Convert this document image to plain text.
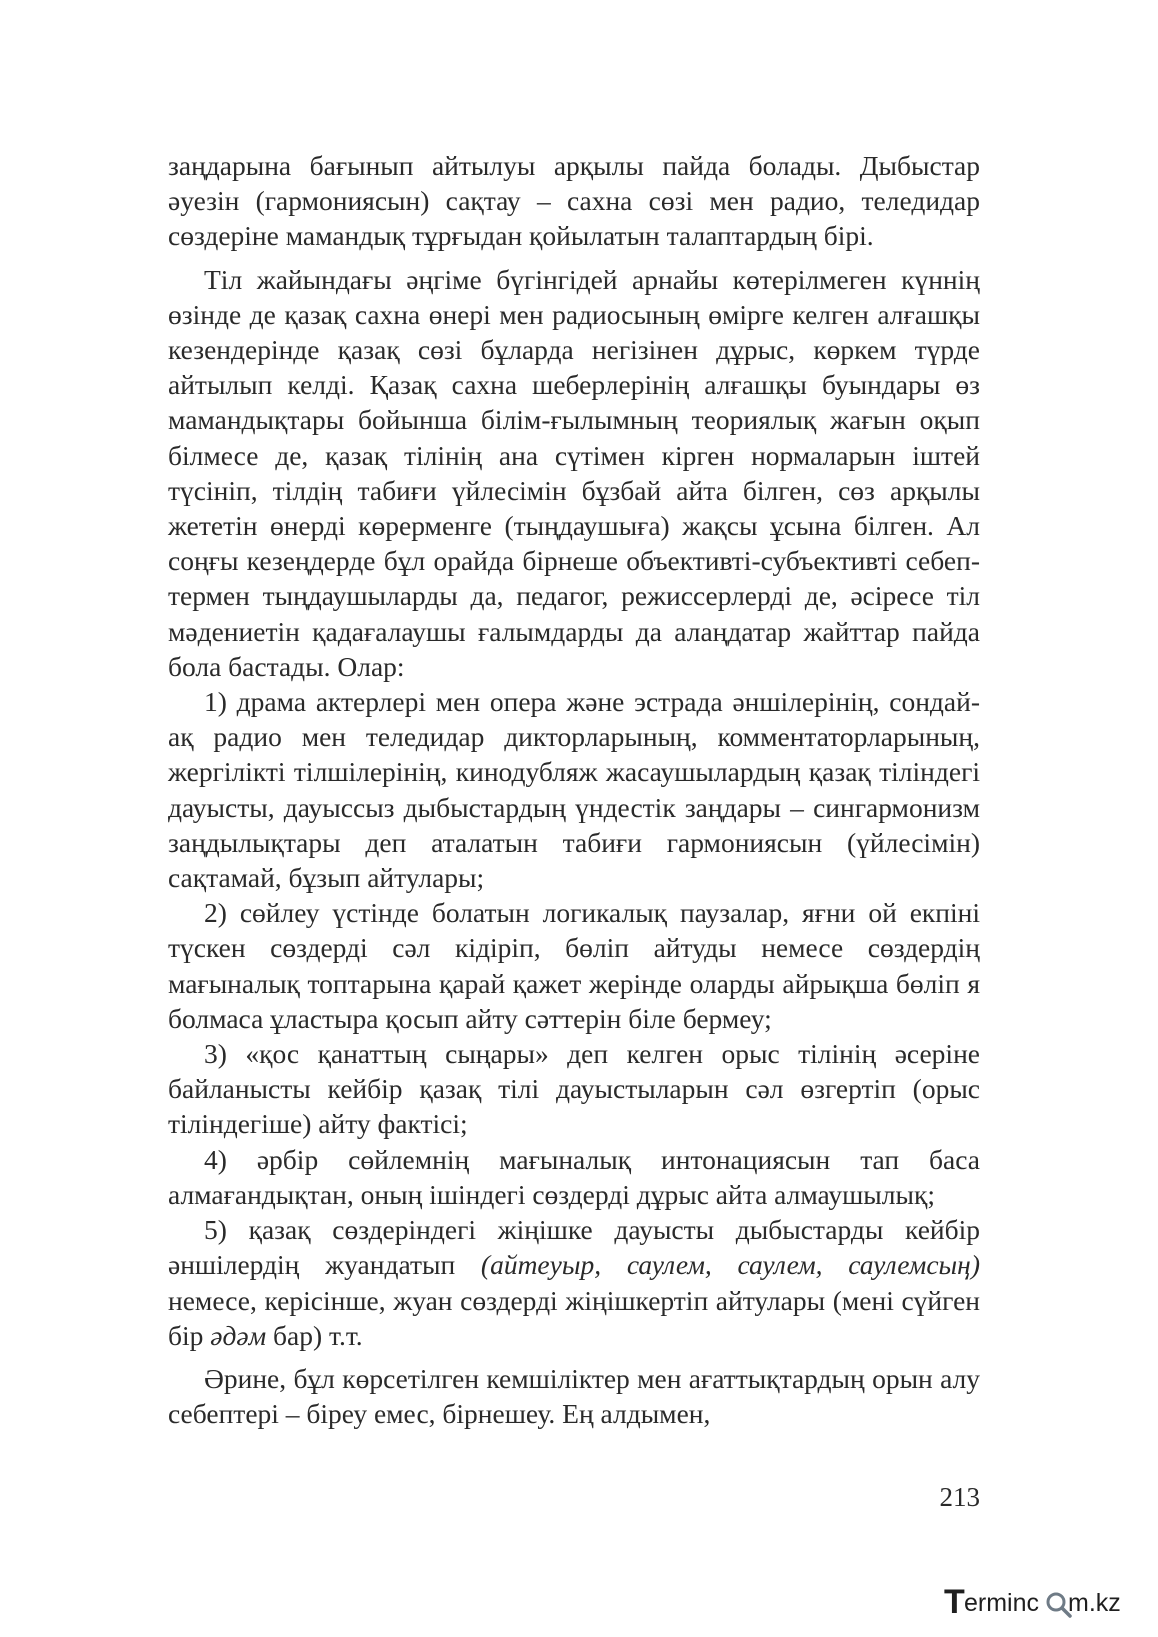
заңдарына бағынып айтылуы арқылы пайда болады. Дыбыстар әуезін (гармониясын) сақтау – сахна сөзі мен радио, теледидар сөздеріне мамандық тұрғыдан қойылатын талаптардың бірі.

Тіл жайындағы әңгіме бүгінгідей арнайы көтерілмеген күннің өзінде де қазақ сахна өнері мен радиосының өмірге келген алғашқы кезендерінде қазақ сөзі бұларда негізінен дұрыс, көркем түрде айтылып келді. Қазақ сахна шеберлерінің алғашқы буындары өз мамандықтары бойынша білім-ғылымның теориялық жағын оқып білмесе де, қазақ тілінің ана сүтімен кірген нормаларын іштей түсініп, тілдің табиғи үйлесімін бұзбай айта білген, сөз арқылы жететін өнерді көрерменге (тыңдаушыға) жақсы ұсына білген. Ал соңғы кезеңдерде бұл орайда бірнеше объективті-субъективті себептермен тыңдаушыларды да, педагог, режиссерлерді де, әсіресе тіл мәдениетін қадағалаушы ғалымдарды да алаңдатар жайттар пайда бола бастады. Олар:

1) драма актерлері мен опера және эстрада әншілерінің, сондай-ақ радио мен теледидар дикторларының, комментаторларының, жергілікті тілшілерінің, кинодубляж жасаушылардың қазақ тіліндегі дауысты, дауыссыз дыбыстардың үндестік заңдары – сингармонизм заңдылықтары деп аталатын табиғи гармониясын (үйлесімін) сақтамай, бұзып айтулары;

2) сөйлеу үстінде болатын логикалық паузалар, яғни ой екпіні түскен сөздерді сәл кідіріп, бөліп айтуды немесе сөздердің мағыналық топтарына қарай қажет жерінде оларды айрықша бөліп я болмаса ұластыра қосып айту сәттерін біле бермеу;

3) «қос қанаттың сыңары» деп келген орыс тілінің әсеріне байланысты кейбір қазақ тілі дауыстыларын сәл өзгертіп (орыс тіліндегіше) айту фактісі;

4) әрбір сөйлемнің мағыналық интонациясын тап баса алмағандықтан, оның ішіндегі сөздерді дұрыс айта алмаушылық;

5) қазақ сөздеріндегі жіңішке дауысты дыбыстарды кейбір әншілердің жуандатып (айтеуыр, саулем, саулем, саулемсың) немесе, керісінше, жуан сөздерді жіңішкертіп айтулары (мені сүйген бір әдәм бар) т.т.

Әрине, бұл көрсетілген кемшіліктер мен ағаттықтардың орын алу себептері – біреу емес, бірнешеу. Ең алдымен,

213
T erminc m.kz
